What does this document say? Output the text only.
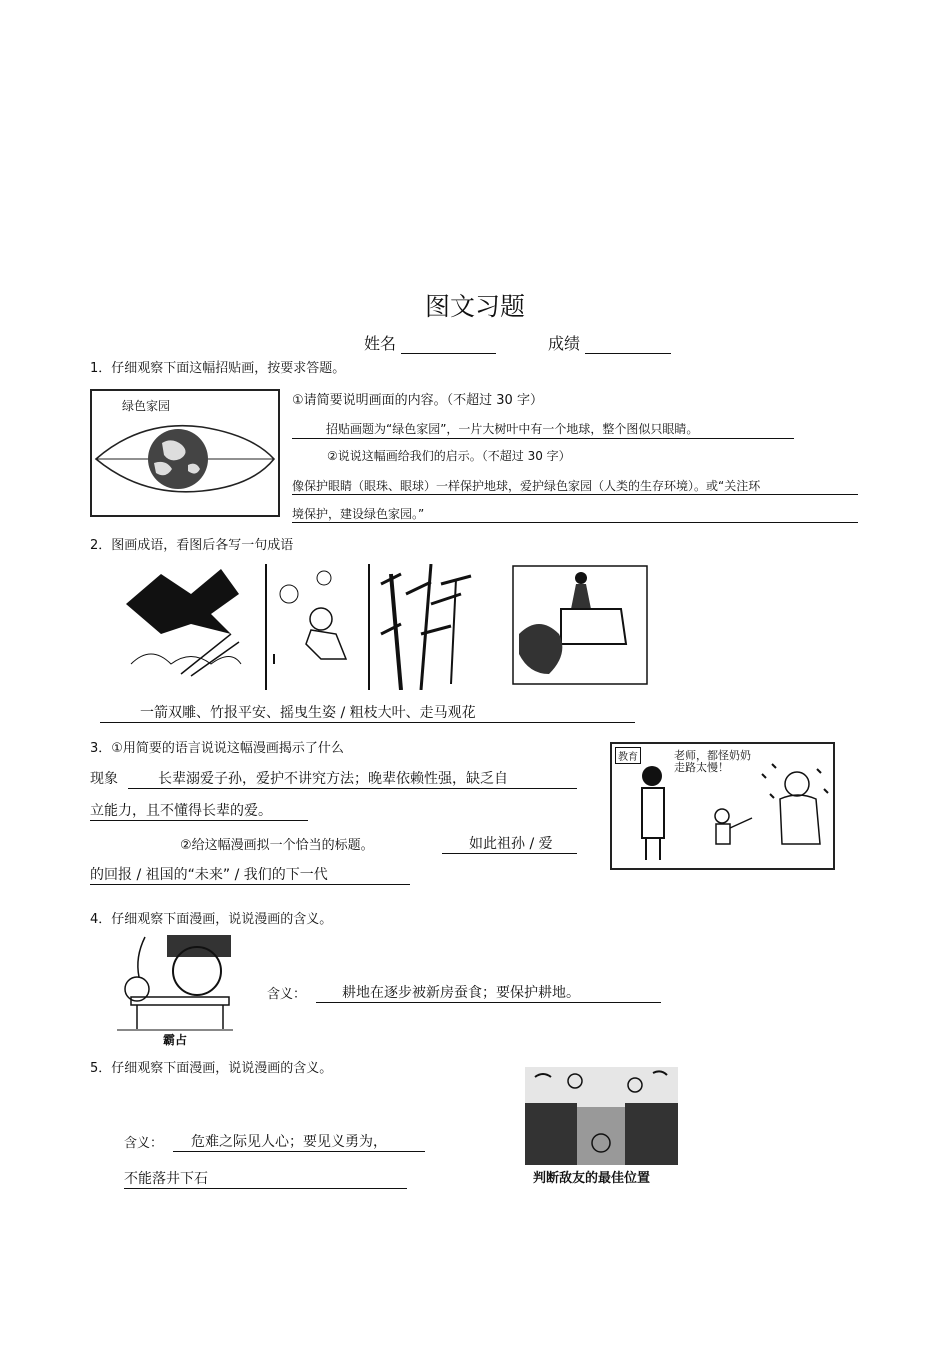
图文习题
姓名	成绩
1．仔细观察下面这幅招贴画，按要求答题。
绿色家园	①请简要说明画面的内容。（不超过 30 字）
招贴画题为“绿色家园”，一片大树叶中有一个地球，整个图似只眼睛。
②说说这幅画给我们的启示。（不超过 30 字）
像保护眼睛（眼珠、眼球）一样保护地球，爱护绿色家园（人类的生存环境）。或“关注环
境保护，建设绿色家园。”
2．图画成语，看图后各写一句成语
一箭双雕、竹报平安、摇曳生姿 / 粗枝大叶、走马观花
3．①用简要的语言说说这幅漫画揭示了什么
现象	长辈溺爱子孙，爱护不讲究方法；晚辈依赖性强，缺乏自
立能力，且不懂得长辈的爱。
②给这幅漫画拟一个恰当的标题。	如此祖孙 / 爱
的回报 / 祖国的“未来” / 我们的下一代
教育	老师，都怪奶奶
走路太慢！
4．仔细观察下面漫画，说说漫画的含义。
霸占
含义：	耕地在逐步被新房蚕食；要保护耕地。
5．仔细观察下面漫画，说说漫画的含义。
含义：	危难之际见人心；要见义勇为，
不能落井下石	判断敌友的最佳位置
